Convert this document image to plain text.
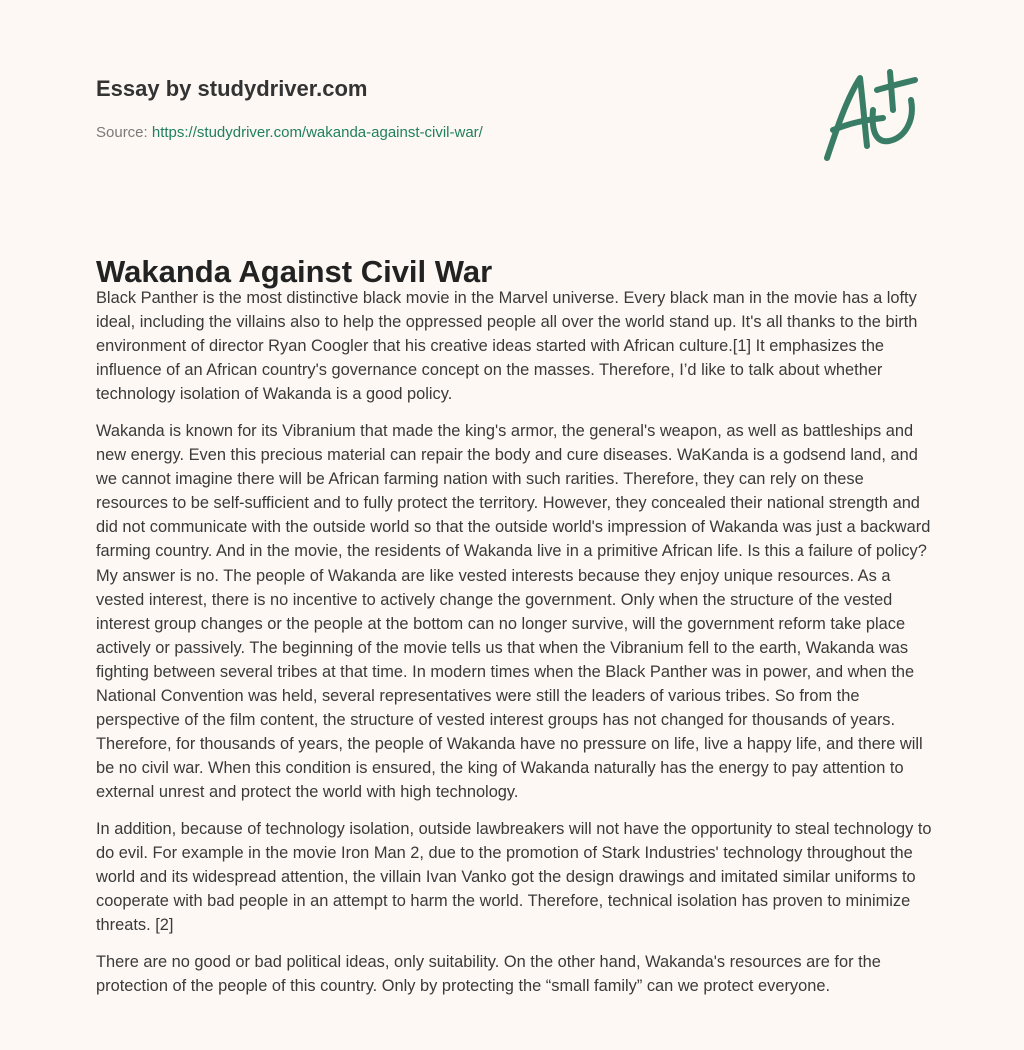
Essay by studydriver.com
Source: https://studydriver.com/wakanda-against-civil-war/
Wakanda Against Civil War

Black Panther is the most distinctive black movie in the Marvel universe. Every black man in the movie has a lofty ideal, including the villains also to help the oppressed people all over the world stand up. It's all thanks to the birth environment of director Ryan Coogler that his creative ideas started with African culture.[1] It emphasizes the influence of an African country's governance concept on the masses. Therefore, I’d like to talk about whether technology isolation of Wakanda is a good policy.

Wakanda is known for its Vibranium that made the king's armor, the general's weapon, as well as battleships and new energy. Even this precious material can repair the body and cure diseases. WaKanda is a godsend land, and we cannot imagine there will be African farming nation with such rarities. Therefore, they can rely on these resources to be self-sufficient and to fully protect the territory. However, they concealed their national strength and did not communicate with the outside world so that the outside world's impression of Wakanda was just a backward farming country. And in the movie, the residents of Wakanda live in a primitive African life. Is this a failure of policy? My answer is no. The people of Wakanda are like vested interests because they enjoy unique resources. As a vested interest, there is no incentive to actively change the government. Only when the structure of the vested interest group changes or the people at the bottom can no longer survive, will the government reform take place actively or passively. The beginning of the movie tells us that when the Vibranium fell to the earth, Wakanda was fighting between several tribes at that time. In modern times when the Black Panther was in power, and when the National Convention was held, several representatives were still the leaders of various tribes. So from the perspective of the film content, the structure of vested interest groups has not changed for thousands of years. Therefore, for thousands of years, the people of Wakanda have no pressure on life, live a happy life, and there will be no civil war. When this condition is ensured, the king of Wakanda naturally has the energy to pay attention to external unrest and protect the world with high technology.

In addition, because of technology isolation, outside lawbreakers will not have the opportunity to steal technology to do evil. For example in the movie Iron Man 2, due to the promotion of Stark Industries' technology throughout the world and its widespread attention, the villain Ivan Vanko got the design drawings and imitated similar uniforms to cooperate with bad people in an attempt to harm the world. Therefore, technical isolation has proven to minimize threats. [2]

There are no good or bad political ideas, only suitability. On the other hand, Wakanda's resources are for the protection of the people of this country. Only by protecting the “small family” can we protect everyone.
